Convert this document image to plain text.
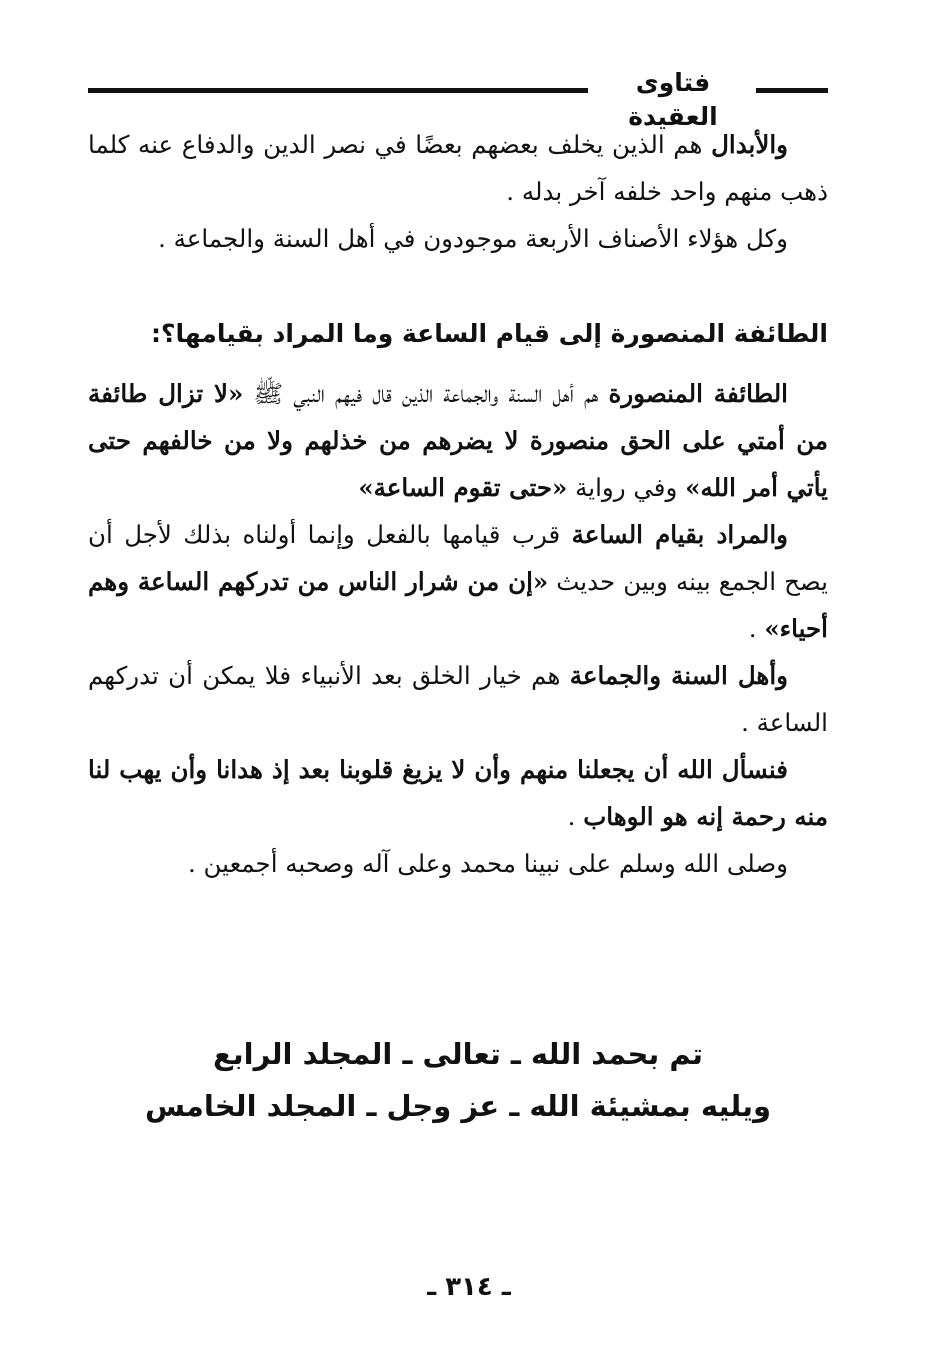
فتاوى العقيدة

والأبدال هم الذين يخلف بعضهم بعضًا في نصر الدين والدفاع عنه كلما ذهب منهم واحد خلفه آخر بدله .

وكل هؤلاء الأصناف الأربعة موجودون في أهل السنة والجماعة .

الطائفة المنصورة إلى قيام الساعة وما المراد بقيامها؟:

الطائفة المنصورة هم أهل السنة والجماعة الذين قال فيهم النبي ﷺ «لا تزال طائفة من أمتي على الحق منصورة لا يضرهم من خذلهم ولا من خالفهم حتى يأتي أمر الله» وفي رواية «حتى تقوم الساعة»

والمراد بقيام الساعة قرب قيامها بالفعل وإنما أولناه بذلك لأجل أن يصح الجمع بينه وبين حديث «إن من شرار الناس من تدركهم الساعة وهم أحياء» .

وأهل السنة والجماعة هم خيار الخلق بعد الأنبياء فلا يمكن أن تدركهم الساعة .

فنسأل الله أن يجعلنا منهم وأن لا يزيغ قلوبنا بعد إذ هدانا وأن يهب لنا منه رحمة إنه هو الوهاب .

وصلى الله وسلم على نبينا محمد وعلى آله وصحبه أجمعين .

تم بحمد الله ـ تعالى ـ المجلد الرابع
ويليه بمشيئة الله ـ عز وجل ـ المجلد الخامس
ـ ٣١٤ ـ
